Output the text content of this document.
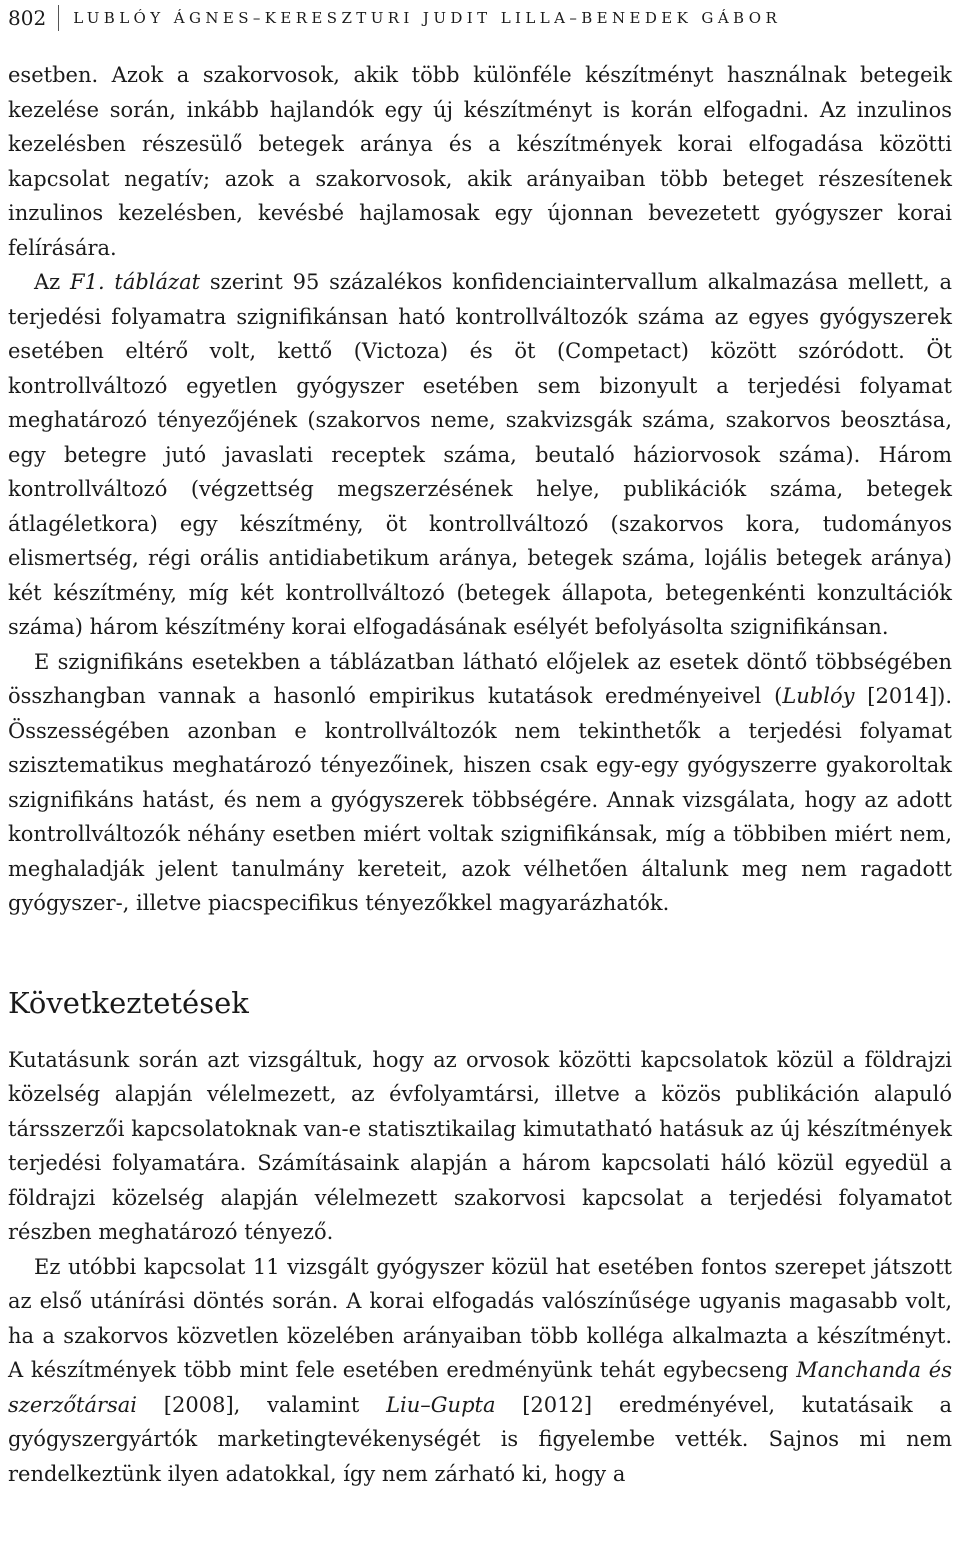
802	LUBLÓY ÁGNES–KERESZTURI JUDIT LILLA–BENEDEK GÁBOR

esetben. Azok a szakorvosok, akik több különféle készítményt használnak betegeik kezelése során, inkább hajlandók egy új készítményt is korán elfogadni. Az inzulinos kezelésben részesülő betegek aránya és a készítmények korai elfogadása közötti kapcsolat negatív; azok a szakorvosok, akik arányaiban több beteget részesítenek inzulinos kezelésben, kevésbé hajlamosak egy újonnan bevezetett gyógyszer korai felírására.

Az F1. táblázat szerint 95 százalékos konfidenciaintervallum alkalmazása mellett, a terjedési folyamatra szignifikánsan ható kontrollváltozók száma az egyes gyógyszerek esetében eltérő volt, kettő (Victoza) és öt (Competact) között szóródott. Öt kontrollváltozó egyetlen gyógyszer esetében sem bizonyult a terjedési folyamat meghatározó tényezőjének (szakorvos neme, szakvizsgák száma, szakorvos beosztása, egy betegre jutó javaslati receptek száma, beutaló háziorvosok száma). Három kontrollváltozó (végzettség megszerzésének helye, publikációk száma, betegek átlagéletkora) egy készítmény, öt kontrollváltozó (szakorvos kora, tudományos elismertség, régi orális antidiabetikum aránya, betegek száma, lojális betegek aránya) két készítmény, míg két kontrollváltozó (betegek állapota, betegenkénti konzultációk száma) három készítmény korai elfogadásának esélyét befolyásolta szignifikánsan.

E szignifikáns esetekben a táblázatban látható előjelek az esetek döntő többségében összhangban vannak a hasonló empirikus kutatások eredményeivel (Lublóy [2014]). Összességében azonban e kontrollváltozók nem tekinthetők a terjedési folyamat szisztematikus meghatározó tényezőinek, hiszen csak egy-egy gyógyszerre gyakoroltak szignifikáns hatást, és nem a gyógyszerek többségére. Annak vizsgálata, hogy az adott kontrollváltozók néhány esetben miért voltak szignifikánsak, míg a többiben miért nem, meghaladják jelent tanulmány kereteit, azok vélhetően általunk meg nem ragadott gyógyszer-, illetve piacspecifikus tényezőkkel magyarázhatók.

Következtetések

Kutatásunk során azt vizsgáltuk, hogy az orvosok közötti kapcsolatok közül a földrajzi közelség alapján vélelmezett, az évfolyamtársi, illetve a közös publikáción alapuló társszerzői kapcsolatoknak van-e statisztikailag kimutatható hatásuk az új készítmények terjedési folyamatára. Számításaink alapján a három kapcsolati háló közül egyedül a földrajzi közelség alapján vélelmezett szakorvosi kapcsolat a terjedési folyamatot részben meghatározó tényező.

Ez utóbbi kapcsolat 11 vizsgált gyógyszer közül hat esetében fontos szerepet játszott az első utánírási döntés során. A korai elfogadás valószínűsége ugyanis magasabb volt, ha a szakorvos közvetlen közelében arányaiban több kolléga alkalmazta a készítményt. A készítmények több mint fele esetében eredményünk tehát egybecseng Manchanda és szerzőtársai [2008], valamint Liu–Gupta [2012] eredményével, kutatásaik a gyógyszergyártók marketingtevékenységét is figyelembe vették. Sajnos mi nem rendelkeztünk ilyen adatokkal, így nem zárható ki, hogy a
